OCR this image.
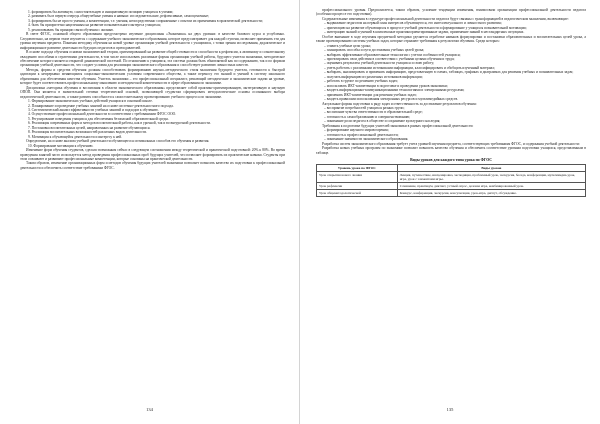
1. формировать бы активную, самостоятельную и инициативную позицию учащихся в учении;

2. развивать бы в первую очередь общеучебные умения и навыки: исследовательские, рефлексивные, самооценочные;

3. формировать бы не просто умения, а компетенции, т.е. умения, непосредственно сопряженные с опытом их применения в практической деятельности;

4. быть бы приоритетно нацеленным на развитие познавательного интереса учащихся;

5. реализовывать бы принцип связи обучения с жизнью.

В свете ФГОС, основной общего образования предусмотрено изучение дисциплины «Экономика» на двух уровнях: в качестве базового курса и углубленно. Следовательно, на первом этапе изучается с содержание учебного экономического образования, которое предусматривает для каждой ступени, позволяет применять эти для уровня изучения предмета. Понимая методику обучения на новой уровне организации учебной деятельности с учащимися, с точки зрения исследования, дидактическое и информационное развитие деятельности будущих педагогов и преподавателей.

В основе подхода обучения основам экономической теории, ориентированной на развитие общей готовности и способности к рефлексии, к активному и сознательному овладению способами и стратегиями деятельности, в том числе использовать различные формы организации учебной работы, будущего учителя экономики, методическое обеспечение которого является открытой динамической системой. По отношению к учащимся, эта система должна быть обновляемой как по содержанию, так и по формам организации учебной деятельности, что создает условия для реализации экономического образования и способствует развитию личностных качеств.

Методы, формы и средства обучения должны способствовать формированию научно–методического стиля мышления будущего учителя, готовности к быстрой адаптации к непрерывно меняющимся социально-экономическим условиям современного общества, а также переносу его знаний и умений в систему школьного образования для обеспечения качества обучения. Учитель экономики – это профессиональный специалист, решающий методические и экономические задачи на уровне, которое будет соответствовать профессиональному мышлению и методической компетентности в сфере образования по экономике.

Дисциплина «методика обучения и воспитания в области экономического образования» представляет собой практико-ориентированную, интегративную и научную ОПОП. Она является в значительной степени теоретической основой, позволяющей студентам сформировать методологические основы осознанного выбора педагогической деятельности, а также развить способности к самостоятельному проектированию учебного процесса по экономике.

1. Формирование экономических учебных действий учащихся в основной школе.

2. Планирование и проведение учебных занятий на основе системно-деятельностного подхода.

3. Систематический анализ эффективности учебных занятий и подходов к обучению.

4. Осуществление профессиональной деятельности в соответствии с требованиями ФГОС ООО.

5. Регулирование поведения учащихся для обеспечения безопасной образовательной среды.

6. Реализация современных форм и методов воспитательной работы, как в урочной, так и во внеурочной деятельности.

7. Постановка воспитательных целей, направленных на развитие обучающихся.

8. Реализация воспитательных возможностей различных видов деятельности.

9. Мотивация к обучающейся деятельности и интересу к ней.

Определение, на основе анализа учебной деятельности обучающегося оптимальных способов его обучения и развития.

10. Формирование мотивации к обучению.

Изменение форм обучения студентов, сделало возможным сейчас в следующем соотношении между теоретической и практической подготовкой: 20% к 80%. Во время проведения занятий часто используется метод проведения профессиональных проб будущих учителей, что позволяет формировать их практические навыки. Студенты при этом осваивают и развивают профессиональные компетенции, которые основаны на практической деятельности.

Таким образом, изменение организационных форм и методов обучения будущих учителей экономики позволяет повысить качество их подготовки к профессиональной деятельности и обеспечить соответствие требованиям ФГОС.

134

профессионального уровня. Предполагается, таким образом, усиление тенденции изменения, взаимосвязи организации профессиональной деятельности педагога (особенно процессе его подготовки).

Содержательные изменения в структуре профессиональной деятельности педагога будут связаны с трансформацией в педагогическом мышлении, включающие:

– выдвижение педагогом на первый план интересов обучающегося, его интеллектуального и личностного развития;

– ориентацию на развитие обучающихся в процессе учебной деятельности и формирование у учащихся познавательной мотивации;

– интеграцию знаний и умений в комплексные практикоориентированные задачи, применение знаний в нестандартных ситуациях.

Особое внимание в ходе изучения предметной методики уделяется отработке навыков формулировки и постановки образовательных и воспитательных целей урока, а также проектированию системы учебных задач, которые отражают требования к результатам обучения. Среди которых:

– ставить учебные цели урока;

– планировать способы и пути достижения учебных целей урока;

– выбирать эффективные образовательные технологии с учетом особенностей учащихся;

– проектировать свои действия в соответствии с учебными целями обучения и труда;

– оценивать результаты учебной деятельности учащихся и свою работу;

– уметь работать с различными источниками информации, классифицировать и обобщать изученный материал;

– выбирать, анализировать и применять информацию, представленную в схемах, таблицах, графиках и диаграммах для решения учебных и познавательных задач;

– получать информацию из различных источников информации;

– работать в группе по решению учебных задач;

– использовать ИКТ-компетенции в подготовке и проведении уроков экономики;

– владеть информационно-коммуникационными технологиями и электронными ресурсами;

– применять ИКТ-компетенции для решения учебных задач;

– владеть правилами использования электронных ресурсов и мультимедийных средств.

Актуальные формы подготовки к ряду задач и ответственность за достижение результатов обучения:

– восприятие потребностей учащихся разных групп;

– воспитание чувства ответственности в образовательной среде;

– готовность к самообразованию и совершенствованию;

– понимание роли педагога в обществе и сохранение культурного наследия;

Требования к подготовке будущих учителей экономики в рамках профессиональной деятельности:

– формирование научного мировоззрения;

– готовность к профессиональной деятельности;

– понимание значимости экономического образования.

Разработка систем экономического образования требует учета уровней изучения предмета, соответствующих требованиям ФГОС, и содержания учебной деятельности:

Разработка новых учебных программ по экономике позволит повысить качество обучения и обеспечить соответствие уровням подготовки учащихся, представленным в таблице.

Виды уроков для каждого типа урока по ФГОС
Уровень урока по ФГОС	Виды уроков
Урок открытия нового знания	Лекция, путешествие, инсценировка, экспедиция, проблемный урок, экскурсия, беседа, конференция, мультимедиа-урок, игра, урок с элементами игры.
Урок рефлексии	Сочинение, практикум, диктант, устный опрос, деловая игра, комбинированный урок.
Урок общеметодологической	Конкурс, конференция, экскурсия, консультация, урок-игра, диспут, обсуждение.
135
